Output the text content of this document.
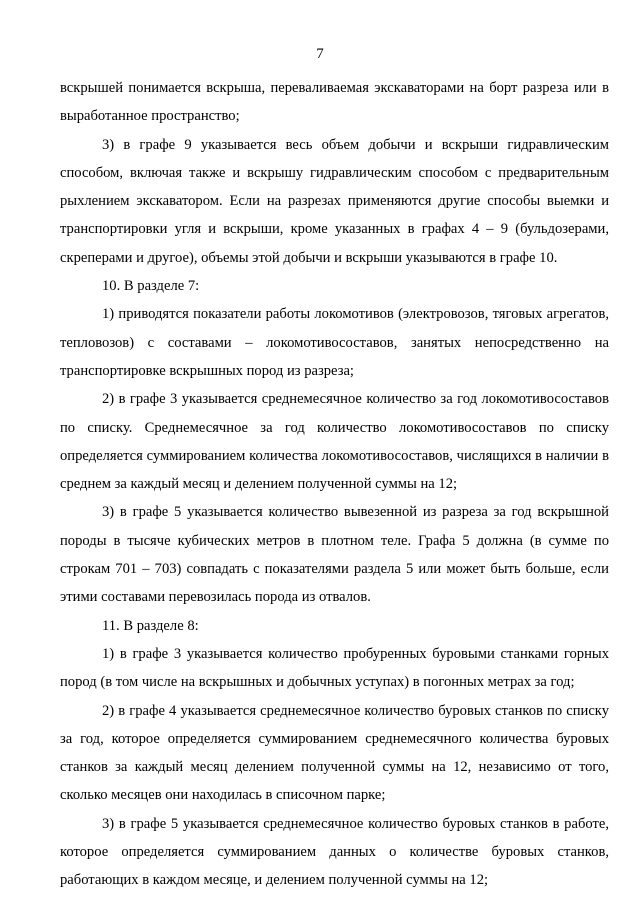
7

вскрышей понимается вскрыша, переваливаемая экскаваторами на борт разреза или в выработанное пространство;

3) в графе 9 указывается весь объем добычи и вскрыши гидравлическим способом, включая также и вскрышу гидравлическим способом с предварительным рыхлением экскаватором. Если на разрезах применяются другие способы выемки и транспортировки угля и вскрыши, кроме указанных в графах 4 – 9 (бульдозерами, скреперами и другое), объемы этой добычи и вскрыши указываются в графе 10.

10. В разделе 7:

1) приводятся показатели работы локомотивов (электровозов, тяговых агрегатов, тепловозов) с составами – локомотивосоставов, занятых непосредственно на транспортировке вскрышных пород из разреза;

2) в графе 3 указывается среднемесячное количество за год локомотивосоставов по списку. Среднемесячное за год количество локомотивосоставов по списку определяется суммированием количества локомотивосоставов, числящихся в наличии в среднем за каждый месяц и делением полученной суммы на 12;

3) в графе 5 указывается количество вывезенной из разреза за год вскрышной породы в тысяче кубических метров в плотном теле. Графа 5 должна (в сумме по строкам 701 – 703) совпадать с показателями раздела 5 или может быть больше, если этими составами перевозилась порода из отвалов.

11. В разделе 8:

1) в графе 3 указывается количество пробуренных буровыми станками горных пород (в том числе на вскрышных и добычных уступах) в погонных метрах за год;

2) в графе 4 указывается среднемесячное количество буровых станков по списку за год, которое определяется суммированием среднемесячного количества буровых станков за каждый месяц делением полученной суммы на 12, независимо от того, сколько месяцев они находилась в списочном парке;

3) в графе 5 указывается среднемесячное количество буровых станков в работе, которое определяется суммированием данных о количестве буровых станков, работающих в каждом месяце, и делением полученной суммы на 12;
